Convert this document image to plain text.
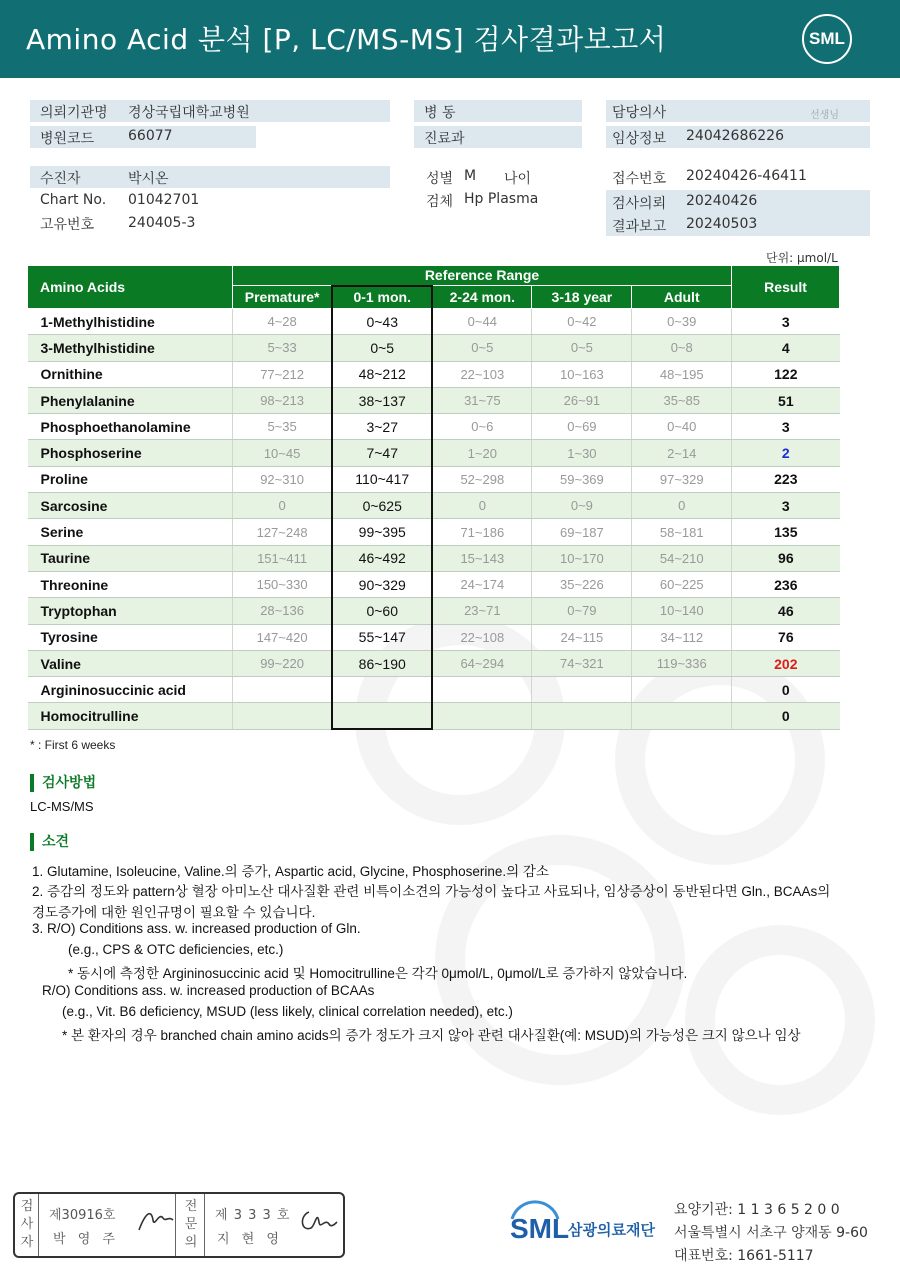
Amino Acid 분석 [P, LC/MS-MS] 검사결과보고서	SML
의뢰기관명 경상국립대학교병원	병 동	담당의사	선생님
병원코드 66077	진료과	임상정보 24042686226
수진자	박시온	성별 M 나이	접수번호 20240426-46411
Chart No. 01042701	검체 Hp Plasma	검사의뢰 20240426
고유번호 240405-3	결과보고 20240503
단위: μmol/L
Amino Acids	Reference Range					Result
	Premature*	0-1 mon.	2-24 mon.	3-18 year	Adult	
1-Methylhistidine	4~28	0~43	0~44	0~42	0~39	3
3-Methylhistidine	5~33	0~5	0~5	0~5	0~8	4
Ornithine	77~212	48~212	22~103	10~163	48~195	122
Phenylalanine	98~213	38~137	31~75	26~91	35~85	51
Phosphoethanolamine	5~35	3~27	0~6	0~69	0~40	3
Phosphoserine	10~45	7~47	1~20	1~30	2~14	2
Proline	92~310	110~417	52~298	59~369	97~329	223
Sarcosine	0	0~625	0	0~9	0	3
Serine	127~248	99~395	71~186	69~187	58~181	135
Taurine	151~411	46~492	15~143	10~170	54~210	96
Threonine	150~330	90~329	24~174	35~226	60~225	236
Tryptophan	28~136	0~60	23~71	0~79	10~140	46
Tyrosine	147~420	55~147	22~108	24~115	34~112	76
Valine	99~220	86~190	64~294	74~321	119~336	202
Argininosuccinic acid						0
Homocitrulline						0
* : First 6 weeks
검사방법
LC-MS/MS
소견
1. Glutamine, Isoleucine, Valine.의 증가, Aspartic acid, Glycine, Phosphoserine.의 감소
2. 증감의 정도와 pattern상 혈장 아미노산 대사질환 관련 비특이소견의 가능성이 높다고 사료되나, 임상증상이 동반된다면 Gln., BCAAs의
경도증가에 대한 원인규명이 필요할 수 있습니다.
3. R/O) Conditions ass. w. increased production of Gln.
(e.g., CPS & OTC deficiencies, etc.)
* 동시에 측정한 Argininosuccinic acid 및 Homocitrulline은 각각 0μmol/L, 0μmol/L로 증가하지 않았습니다.
R/O) Conditions ass. w. increased production of BCAAs
(e.g., Vit. B6 deficiency, MSUD (less likely, clinical correlation needed), etc.)
* 본 환자의 경우 branched chain amino acids의 증가 정도가 크지 않아 관련 대사질환(예: MSUD)의 가능성은 크지 않으나 임상
검
사
자
제30916호
박 영 주
전
문
의
제 3 3 3 호
지 현 영	SML
삼광의료재단
요양기관: 1 1 3 6 5 2 0 0
서울특별시 서초구 양재동 9-60
대표번호: 1661-5117
